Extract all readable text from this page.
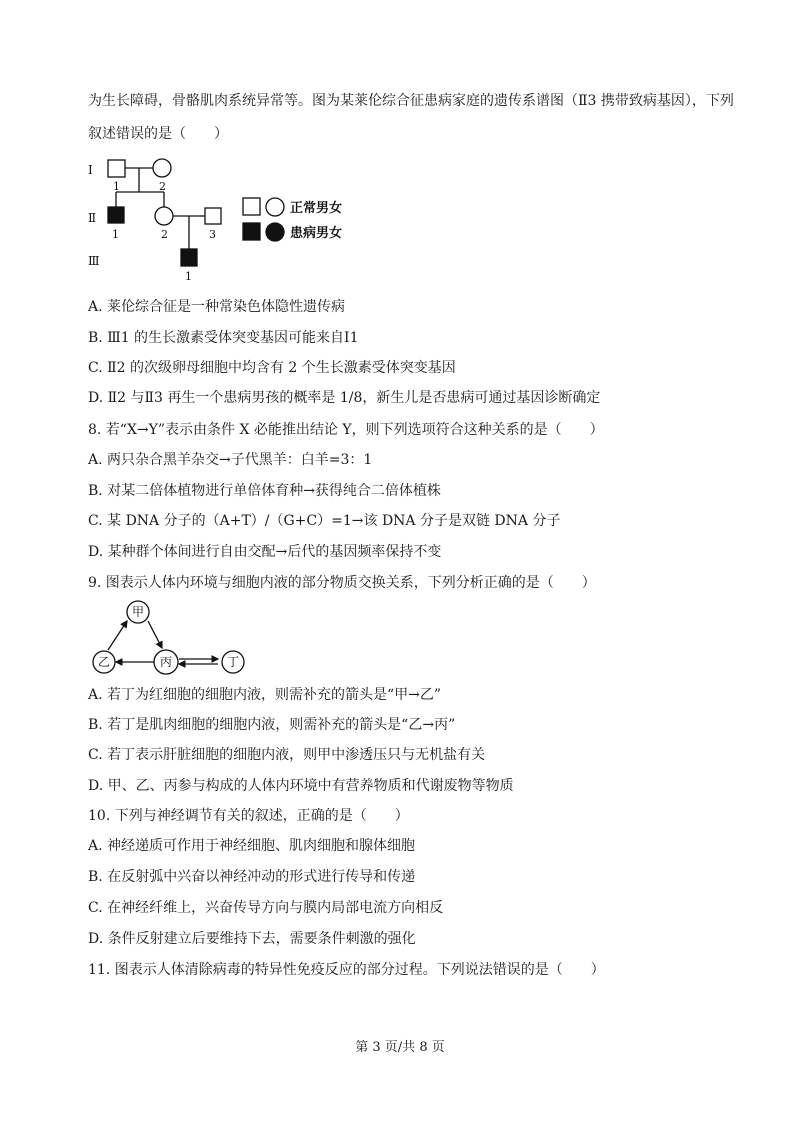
为生长障碍，骨骼肌肉系统异常等。图为某莱伦综合征患病家庭的遗传系谱图（Ⅱ3 携带致病基因），下列
叙述错误的是（　　）
Ⅰ
Ⅱ
Ⅲ
1	2
1	2	3
1
正常男女
患病男女
A. 莱伦综合征是一种常染色体隐性遗传病
B. Ⅲ1 的生长激素受体突变基因可能来自Ⅰ1
C. Ⅱ2 的次级卵母细胞中均含有 2 个生长激素受体突变基因
D. Ⅱ2 与Ⅱ3 再生一个患病男孩的概率是 1/8，新生儿是否患病可通过基因诊断确定
8. 若“X→Y”表示由条件 X 必能推出结论 Y，则下列选项符合这种关系的是（　　）
A. 两只杂合黑羊杂交→子代黑羊：白羊=3：1
B. 对某二倍体植物进行单倍体育种→获得纯合二倍体植株
C. 某 DNA 分子的（A+T）/（G+C）=1→该 DNA 分子是双链 DNA 分子
D. 某种群个体间进行自由交配→后代的基因频率保持不变
9. 图表示人体内环境与细胞内液的部分物质交换关系，下列分析正确的是（　　）
甲
乙	丙	丁
A. 若丁为红细胞的细胞内液，则需补充的箭头是“甲→乙”
B. 若丁是肌肉细胞的细胞内液，则需补充的箭头是“乙→丙”
C. 若丁表示肝脏细胞的细胞内液，则甲中渗透压只与无机盐有关
D. 甲、乙、丙参与构成的人体内环境中有营养物质和代谢废物等物质
10. 下列与神经调节有关的叙述，正确的是（　　）
A. 神经递质可作用于神经细胞、肌肉细胞和腺体细胞
B. 在反射弧中兴奋以神经冲动的形式进行传导和传递
C. 在神经纤维上，兴奋传导方向与膜内局部电流方向相反
D. 条件反射建立后要维持下去，需要条件刺激的强化
11. 图表示人体清除病毒的特异性免疫反应的部分过程。下列说法错误的是（　　）
第 3 页/共 8 页
